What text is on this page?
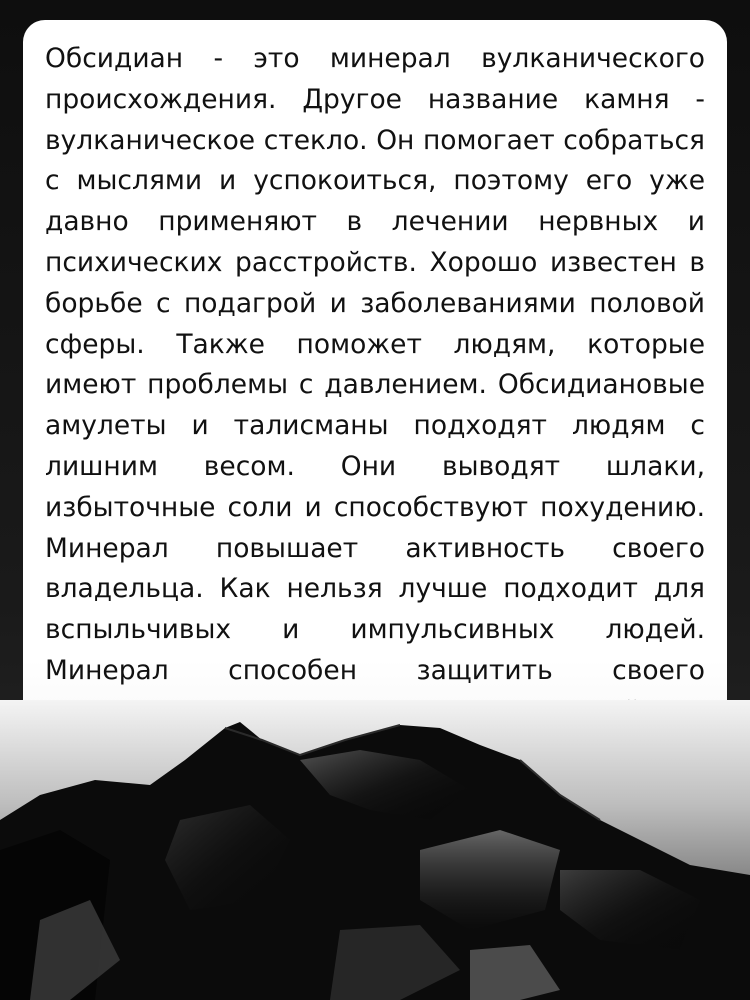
Обсидиан - это минерал вулканического происхождения. Другое название камня - вулканическое стекло. Он помогает собраться с мыслями и успокоиться, поэтому его уже давно применяют в лечении нервных и психических расстройств. Хорошо известен в борьбе с подагрой и заболеваниями половой сферы. Также поможет людям, которые имеют проблемы с давлением. Обсидиановые амулеты и талисманы подходят людям с лишним весом. Они выводят шлаки, избыточные соли и способствуют похудению. Минерал повышает активность своего владельца. Как нельзя лучше подходит для вспыльчивых и импульсивных людей. Минерал способен защитить своего
